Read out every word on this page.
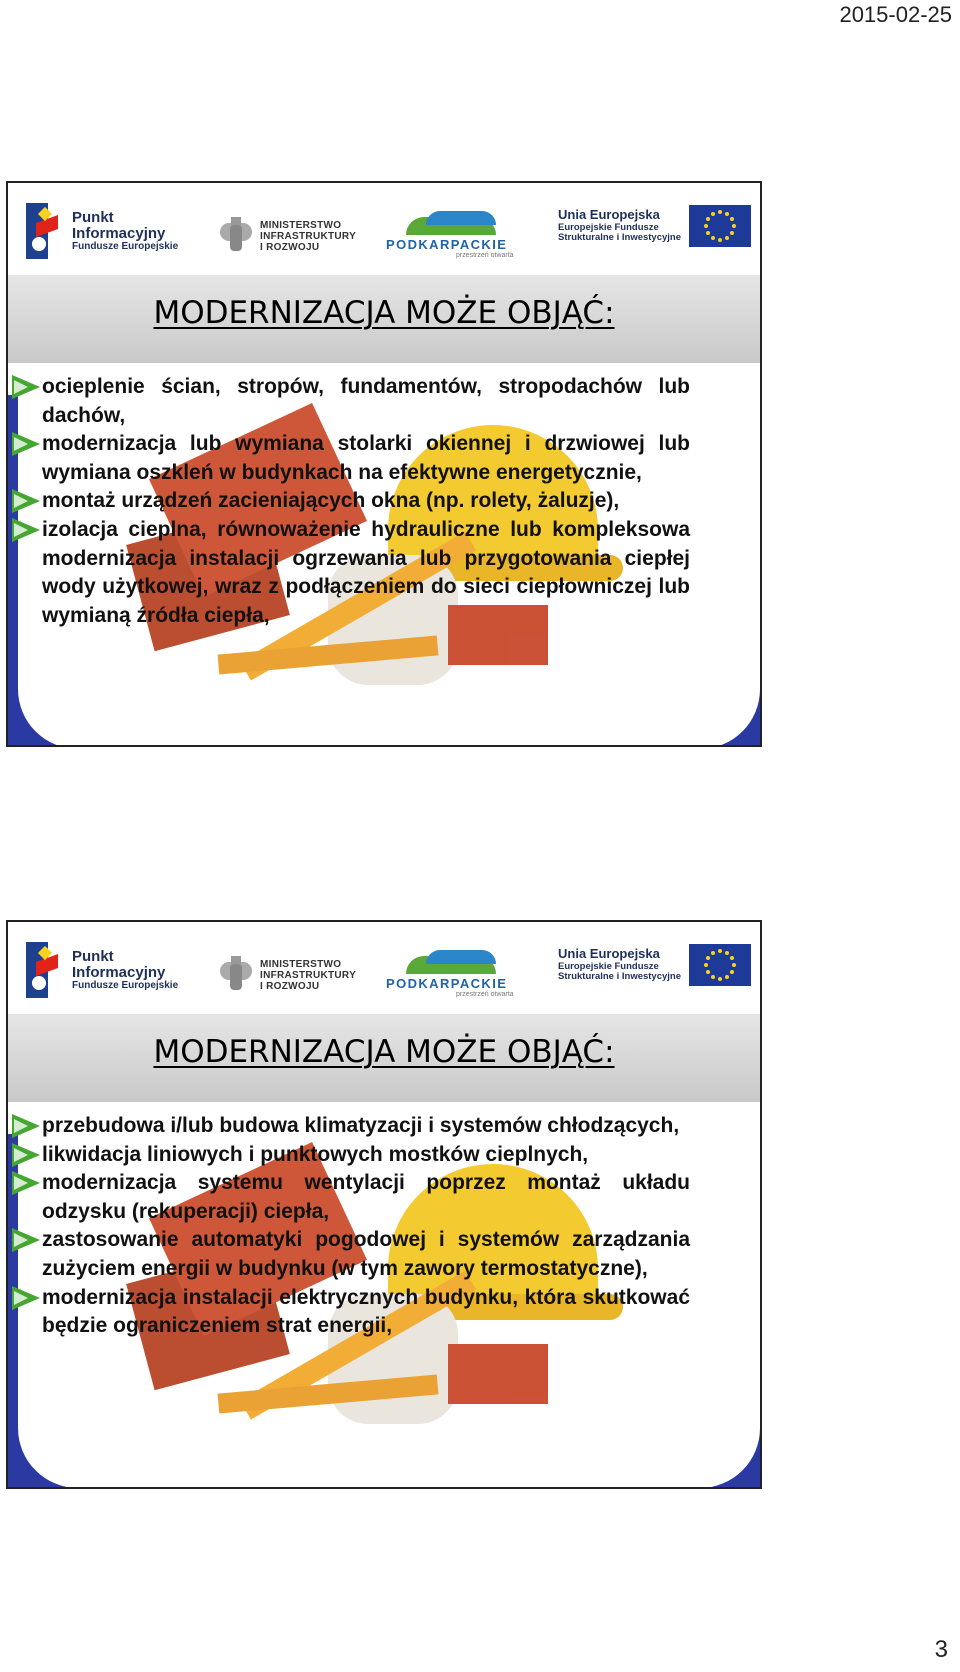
2015-02-25
Punkt
Informacyjny
Fundusze Europejskie
MINISTERSTWO
INFRASTRUKTURY
I ROZWOJU	PODKARPACKIE
przestrzeń otwarta
Unia Europejska
Europejskie Fundusze
Strukturalne i Inwestycyjne
MODERNIZACJA MOŻE OBJĄĆ:
ocieplenie ścian, stropów, fundamentów, stropodachów lub dachów,
modernizacja lub wymiana stolarki okiennej i drzwiowej lub wymiana oszkleń w budynkach na efektywne energetycznie,
montaż urządzeń zacieniających okna (np. rolety, żaluzje),
izolacja cieplna, równoważenie hydrauliczne lub kompleksowa modernizacja instalacji ogrzewania lub przygotowania ciepłej wody użytkowej, wraz z podłączeniem do sieci ciepłowniczej lub wymianą źródła ciepła,
Punkt
Informacyjny
Fundusze Europejskie
MINISTERSTWO
INFRASTRUKTURY
I ROZWOJU	PODKARPACKIE
przestrzeń otwarta
Unia Europejska
Europejskie Fundusze
Strukturalne i Inwestycyjne
MODERNIZACJA MOŻE OBJĄĆ:
przebudowa i/lub budowa klimatyzacji i systemów chłodzących,
likwidacja liniowych i punktowych mostków cieplnych,
modernizacja systemu wentylacji poprzez montaż układu odzysku (rekuperacji) ciepła,
zastosowanie automatyki pogodowej i systemów zarządzania zużyciem energii w budynku (w tym zawory termostatyczne),
modernizacja instalacji elektrycznych budynku, która skutkować będzie ograniczeniem strat energii,
3
